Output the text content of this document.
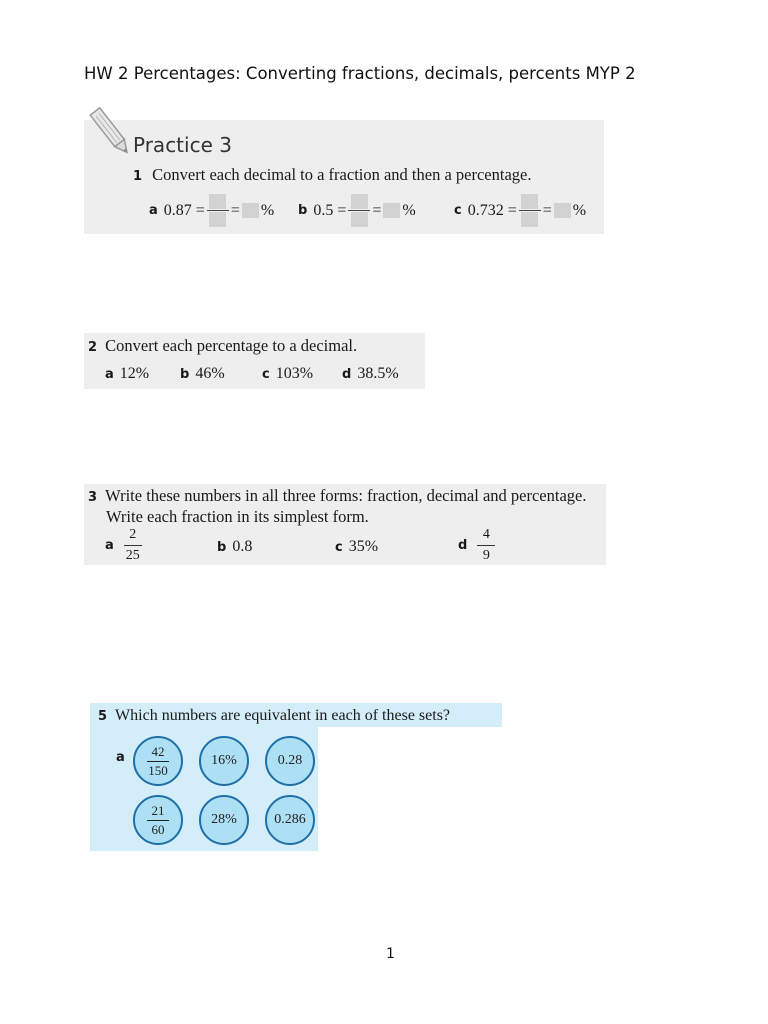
HW 2 Percentages: Converting fractions, decimals, percents MYP 2
Practice 3
1 Convert each decimal to a fraction and then a percentage.
a 0.87 = = % b 0.5 = = %	c 0.732 = = %
2 Convert each percentage to a decimal.
a 12% b 46%	c 103% d 38.5%
3 Write these numbers in all three forms: fraction, decimal and percentage.
Write each fraction in its simplest form.
a $\frac{2}{25}$	b 0.8	c 35%	d $\frac{4}{9}$
5 Which numbers are equivalent in each of these sets?
a $\frac{42}{150}$	16%	0.28
$\frac{21}{60}$	28%	0.286
1
